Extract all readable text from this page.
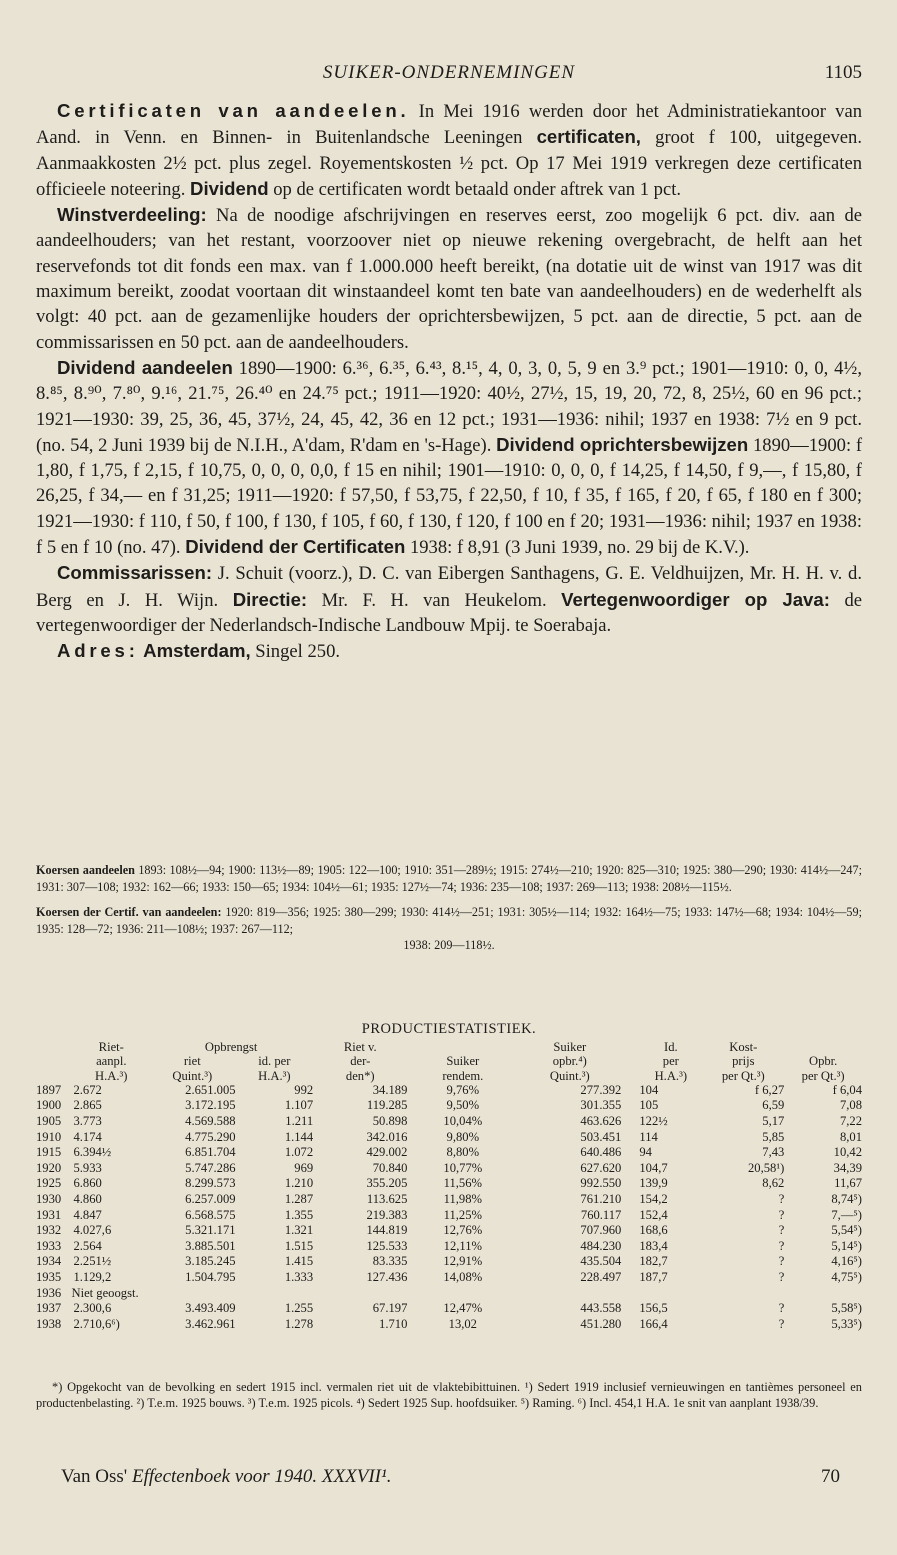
SUIKER-ONDERNEMINGEN	1105

Certificaten van aandeelen. In Mei 1916 werden door het Administratiekantoor van Aand. in Venn. en Binnen- in Buitenlandsche Leeningen certificaten, groot f 100, uitgegeven. Aanmaakkosten 2½ pct. plus zegel. Royementskosten ½ pct. Op 17 Mei 1919 verkregen deze certificaten officieele noteering. Dividend op de certificaten wordt betaald onder aftrek van 1 pct.

Winstverdeeling: Na de noodige afschrijvingen en reserves eerst, zoo mogelijk 6 pct. div. aan de aandeelhouders; van het restant, voorzoover niet op nieuwe rekening overgebracht, de helft aan het reservefonds tot dit fonds een max. van f 1.000.000 heeft bereikt, (na dotatie uit de winst van 1917 was dit maximum bereikt, zoodat voortaan dit winstaandeel komt ten bate van aandeelhouders) en de wederhelft als volgt: 40 pct. aan de gezamenlijke houders der oprichtersbewijzen, 5 pct. aan de directie, 5 pct. aan de commissarissen en 50 pct. aan de aandeelhouders.

Dividend aandeelen 1890—1900: 6.³⁶, 6.³⁵, 6.⁴³, 8.¹⁵, 4, 0, 3, 0, 5, 9 en 3.⁹ pct.; 1901—1910: 0, 0, 4½, 8.⁸⁵, 8.⁹⁰, 7.⁸⁰, 9.¹⁶, 21.⁷⁵, 26.⁴⁰ en 24.⁷⁵ pct.; 1911—1920: 40½, 27½, 15, 19, 20, 72, 8, 25½, 60 en 96 pct.; 1921—1930: 39, 25, 36, 45, 37½, 24, 45, 42, 36 en 12 pct.; 1931—1936: nihil; 1937 en 1938: 7½ en 9 pct. (no. 54, 2 Juni 1939 bij de N.I.H., A'dam, R'dam en 's-Hage). Dividend oprichtersbewijzen 1890—1900: f 1,80, f 1,75, f 2,15, f 10,75, 0, 0, 0, 0,0, f 15 en nihil; 1901—1910: 0, 0, 0, f 14,25, f 14,50, f 9,—, f 15,80, f 26,25, f 34,— en f 31,25; 1911—1920: f 57,50, f 53,75, f 22,50, f 10, f 35, f 165, f 20, f 65, f 180 en f 300; 1921—1930: f 110, f 50, f 100, f 130, f 105, f 60, f 130, f 120, f 100 en f 20; 1931—1936: nihil; 1937 en 1938: f 5 en f 10 (no. 47). Dividend der Certificaten 1938: f 8,91 (3 Juni 1939, no. 29 bij de K.V.).

Commissarissen: J. Schuit (voorz.), D. C. van Eibergen Santhagens, G. E. Veldhuijzen, Mr. H. H. v. d. Berg en J. H. Wijn. Directie: Mr. F. H. van Heukelom. Vertegenwoordiger op Java: de vertegenwoordiger der Nederlandsch-Indische Landbouw Mpij. te Soerabaja.

Adres: Amsterdam, Singel 250.

Koersen aandeelen 1893: 108½—94; 1900: 113½—89; 1905: 122—100; 1910: 351—289½; 1915: 274½—210; 1920: 825—310; 1925: 380—290; 1930: 414½—247; 1931: 307—108; 1932: 162—66; 1933: 150—65; 1934: 104½—61; 1935: 127½—74; 1936: 235—108; 1937: 269—113; 1938: 208½—115½.

Koersen der Certif. van aandeelen: 1920: 819—356; 1925: 380—299; 1930: 414½—251; 1931: 305½—114; 1932: 164½—75; 1933: 147½—68; 1934: 104½—59; 1935: 128—72; 1936: 211—108½; 1937: 267—112;

1938: 209—118½.

PRODUCTIESTATISTIEK.
	Riet-	Opbrengst		Riet v.		Suiker	Id.	Kost-	
	aanpl.	riet	id. per	der-	Suiker	opbr.⁴)	per	prijs	Opbr.
	H.A.³)	Quint.³)	H.A.³)	den*)	rendem.	Quint.³)	H.A.³)	per Qt.³)	per Qt.³)
1897	2.672	2.651.005	992	34.189	9,76%	277.392	104	f 6,27	f 6,04
1900	2.865	3.172.195	1.107	119.285	9,50%	301.355	105	6,59	7,08
1905	3.773	4.569.588	1.211	50.898	10,04%	463.626	122½	5,17	7,22
1910	4.174	4.775.290	1.144	342.016	9,80%	503.451	114	5,85	8,01
1915	6.394½	6.851.704	1.072	429.002	8,80%	640.486	94	7,43	10,42
1920	5.933	5.747.286	969	70.840	10,77%	627.620	104,7	20,58¹)	34,39
1925	6.860	8.299.573	1.210	355.205	11,56%	992.550	139,9	8,62	11,67
1930	4.860	6.257.009	1.287	113.625	11,98%	761.210	154,2	?	8,74⁵)
1931	4.847	6.568.575	1.355	219.383	11,25%	760.117	152,4	?	7,—⁵)
1932	4.027,6	5.321.171	1.321	144.819	12,76%	707.960	168,6	?	5,54⁵)
1933	2.564	3.885.501	1.515	125.533	12,11%	484.230	183,4	?	5,14⁵)
1934	2.251½	3.185.245	1.415	83.335	12,91%	435.504	182,7	?	4,16⁵)
1935	1.129,2	1.504.795	1.333	127.436	14,08%	228.497	187,7	?	4,75⁵)
1936	Niet geoogst.								
1937	2.300,6	3.493.409	1.255	67.197	12,47%	443.558	156,5	?	5,58⁵)
1938	2.710,6⁶)	3.462.961	1.278	1.710	13,02	451.280	166,4	?	5,33⁵)

*) Opgekocht van de bevolking en sedert 1915 incl. vermalen riet uit de vlaktebibittuinen. ¹) Sedert 1919 inclusief vernieuwingen en tantièmes personeel en productenbelasting. ²) T.e.m. 1925 bouws. ³) T.e.m. 1925 picols. ⁴) Sedert 1925 Sup. hoofdsuiker. ⁵) Raming. ⁶) Incl. 454,1 H.A. 1e snit van aanplant 1938/39.

Van Oss' Effectenboek voor 1940. XXXVII¹.	70
